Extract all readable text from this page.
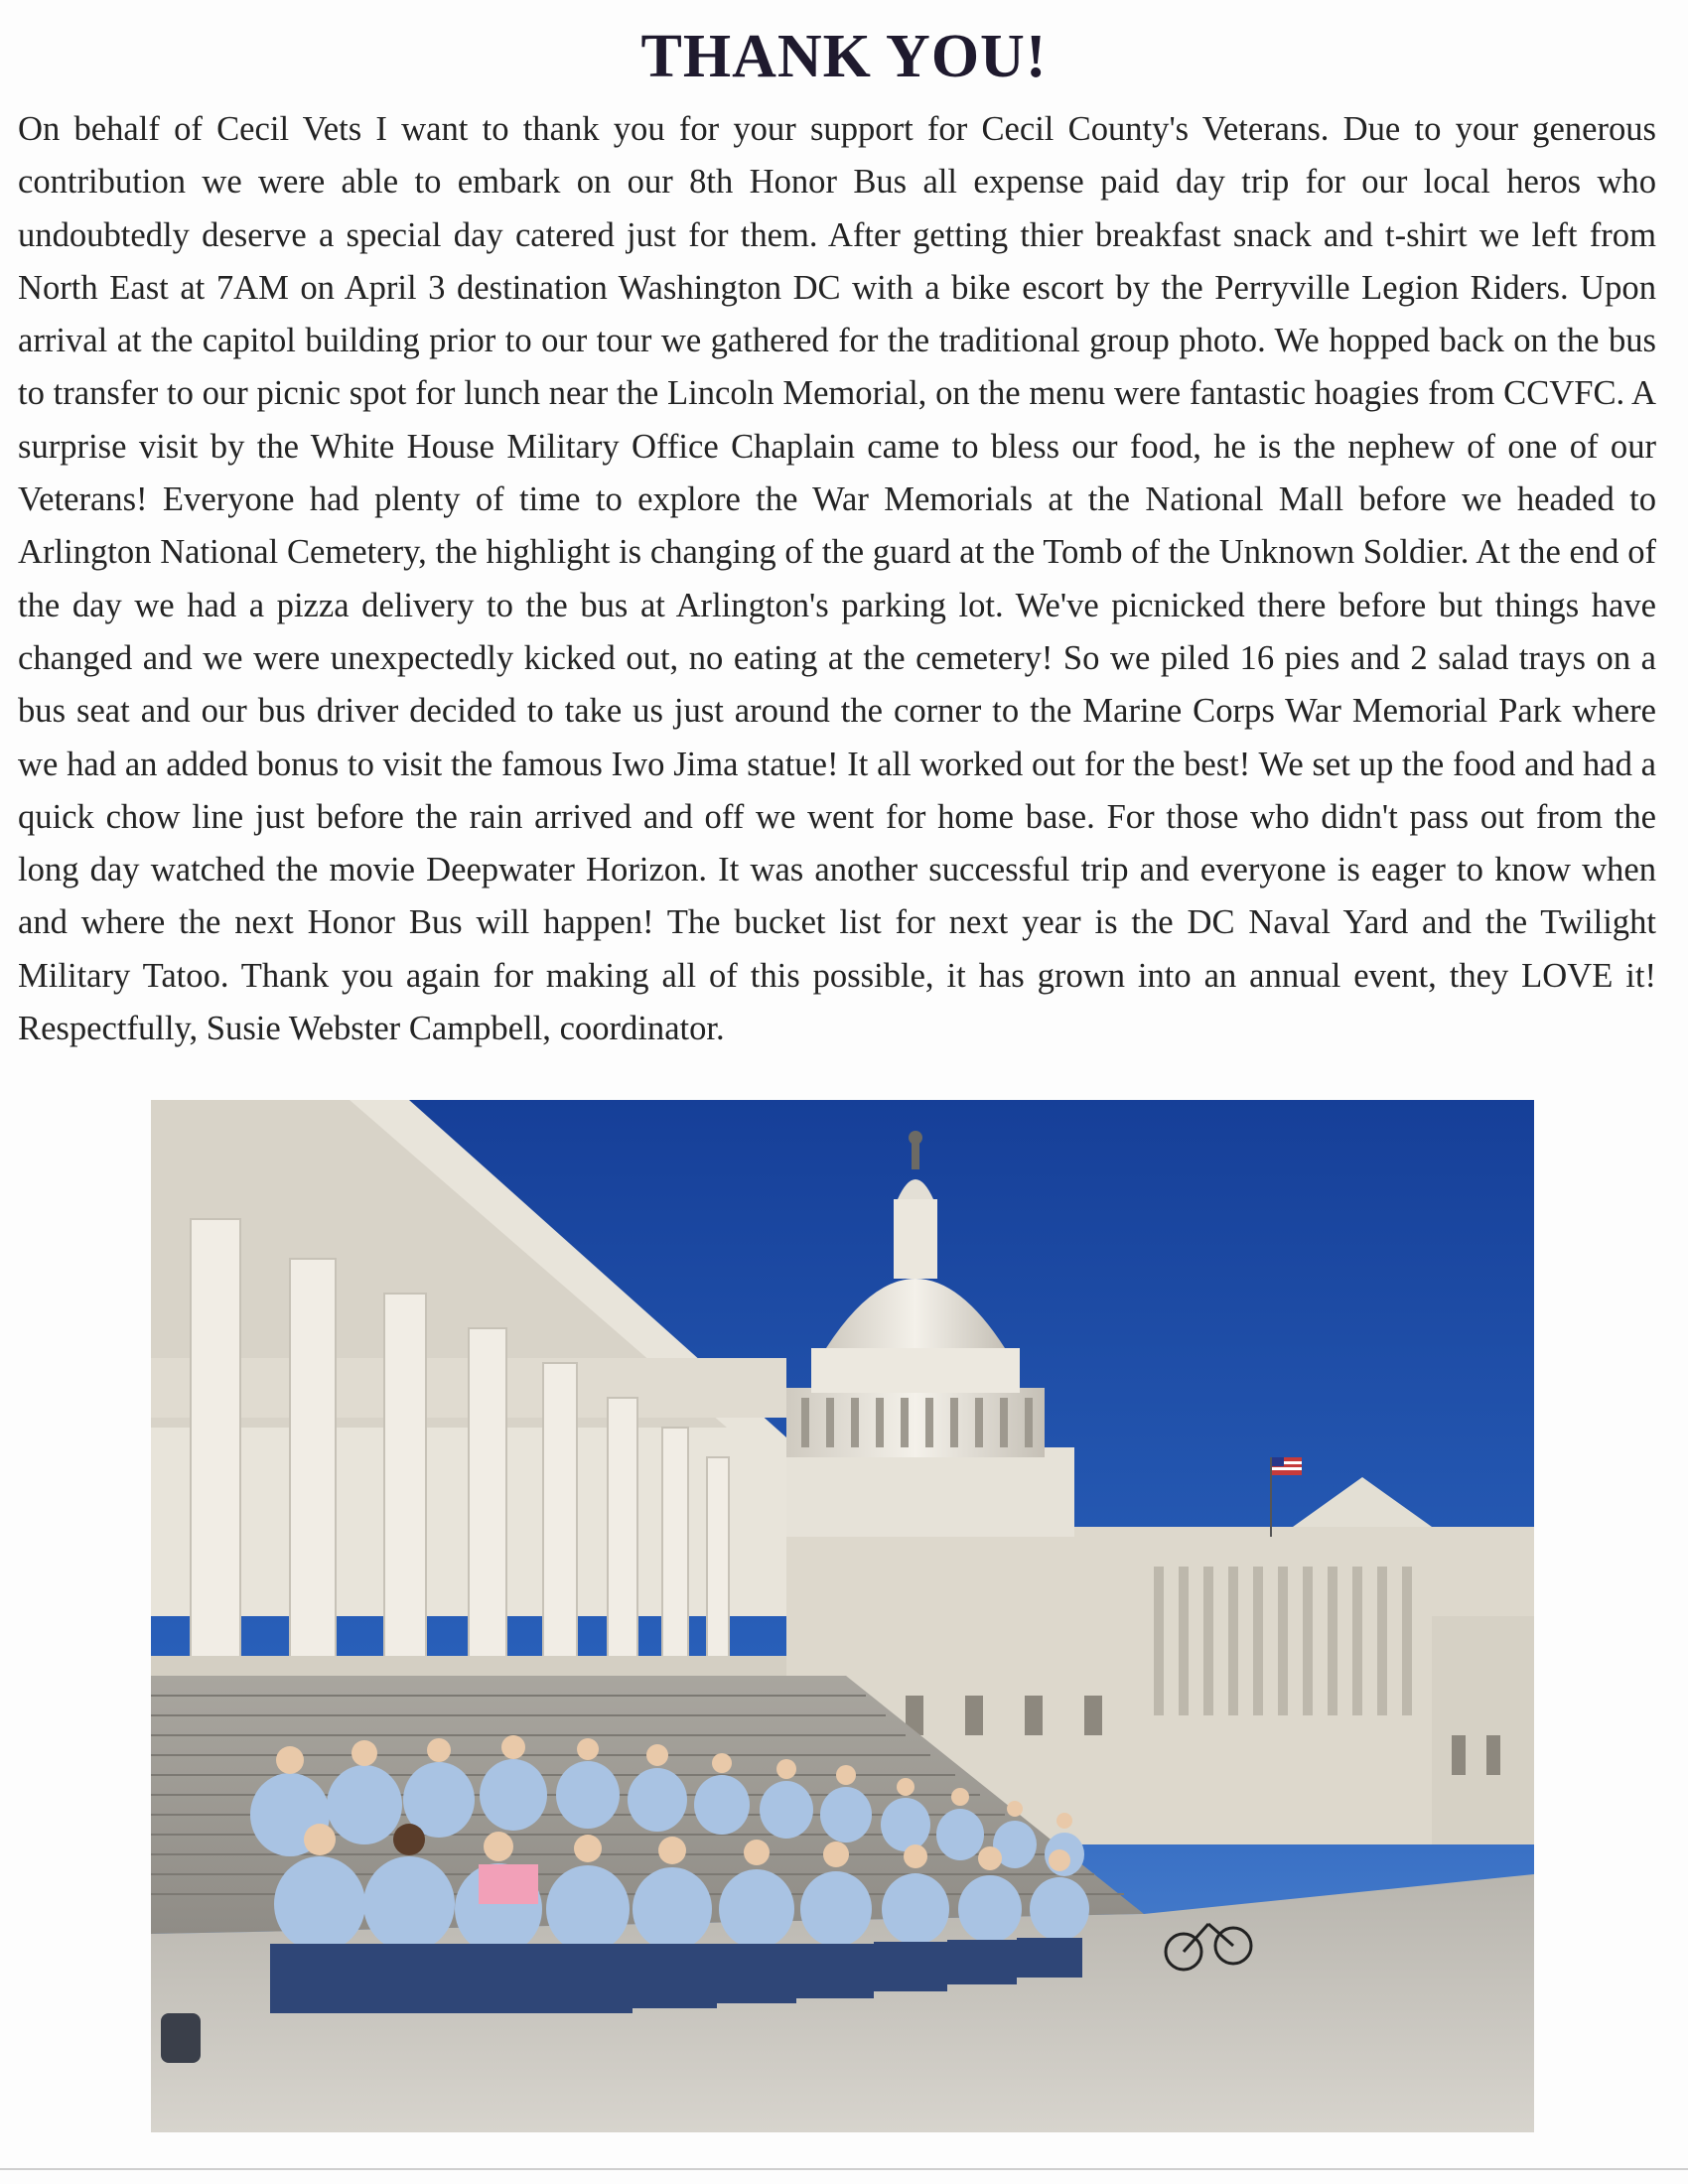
THANK YOU!
On behalf of Cecil Vets I want to thank you for your support for Cecil County's Veterans. Due to your generous contribution we were able to embark on our 8th Honor Bus all expense paid day trip for our local heros who undoubtedly deserve a special day catered just for them. After getting thier breakfast snack and t-shirt we left from North East at 7AM on April 3 destination Washington DC with a bike escort by the Perryville Legion Riders. Upon arrival at the capitol building prior to our tour we gathered for the traditional group photo. We hopped back on the bus to transfer to our picnic spot for lunch near the Lincoln Memorial, on the menu were fantastic hoagies from CCVFC. A surprise visit by the White House Military Office Chaplain came to bless our food, he is the nephew of one of our Veterans! Everyone had plenty of time to explore the War Memorials at the National Mall before we headed to Arlington National Cemetery, the highlight is changing of the guard at the Tomb of the Unknown Soldier. At the end of the day we had a pizza delivery to the bus at Arlington's parking lot. We've picnicked there before but things have changed and we were unexpectedly kicked out, no eating at the cemetery! So we piled 16 pies and 2 salad trays on a bus seat and our bus driver decided to take us just around the corner to the Marine Corps War Memorial Park where we had an added bonus to visit the famous Iwo Jima statue! It all worked out for the best! We set up the food and had a quick chow line just before the rain arrived and off we went for home base. For those who didn't pass out from the long day watched the movie Deepwater Horizon. It was another successful trip and everyone is eager to know when and where the next Honor Bus will happen! The bucket list for next year is the DC Naval Yard and the Twilight Military Tatoo. Thank you again for making all of this possible, it has grown into an annual event, they LOVE it! Respectfully, Susie Webster Campbell, coordinator.
